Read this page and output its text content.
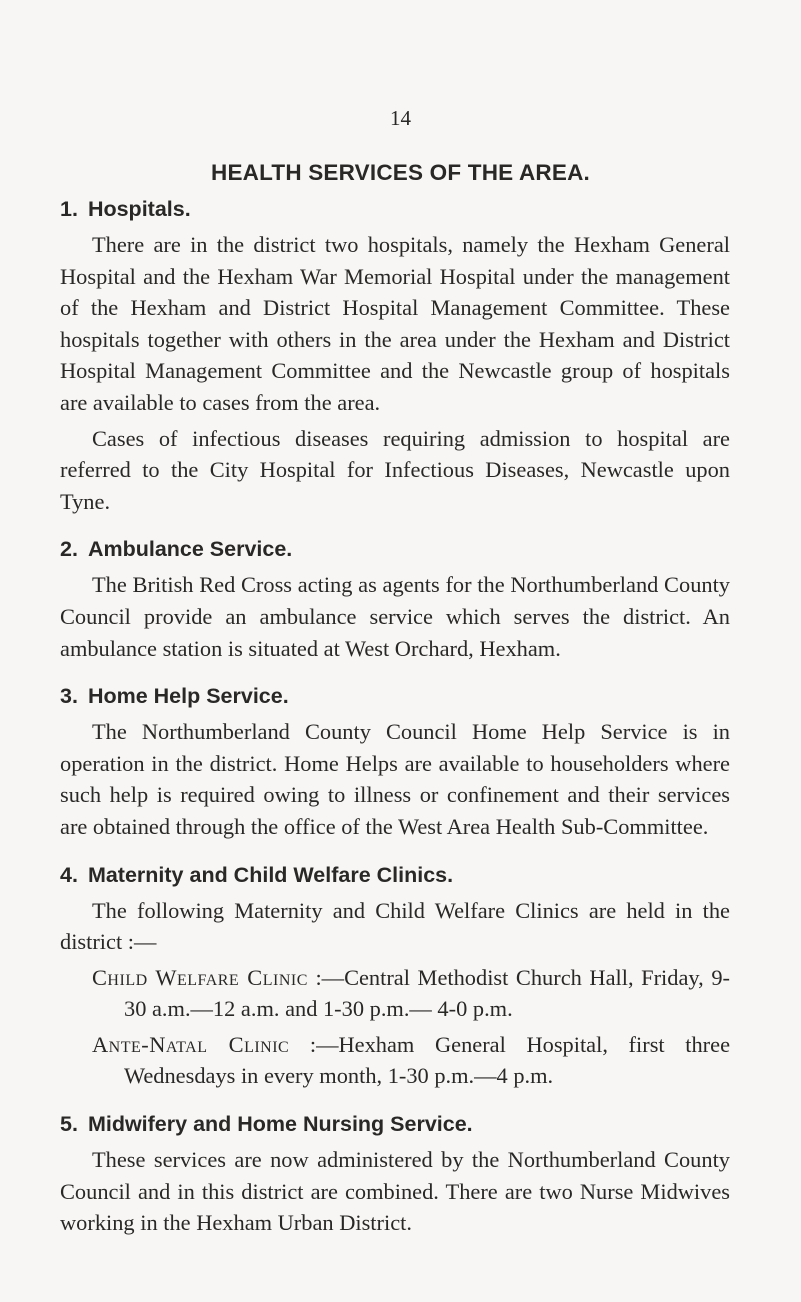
14
HEALTH SERVICES OF THE AREA.
1. Hospitals.

There are in the district two hospitals, namely the Hexham General Hospital and the Hexham War Memorial Hospital under the management of the Hexham and District Hospital Management Committee. These hospitals together with others in the area under the Hexham and District Hospital Management Committee and the Newcastle group of hospitals are available to cases from the area.

Cases of infectious diseases requiring admission to hospital are referred to the City Hospital for Infectious Diseases, Newcastle upon Tyne.

2. Ambulance Service.

The British Red Cross acting as agents for the Northumberland County Council provide an ambulance service which serves the district. An ambulance station is situated at West Orchard, Hexham.

3. Home Help Service.

The Northumberland County Council Home Help Service is in operation in the district. Home Helps are available to householders where such help is required owing to illness or confinement and their services are obtained through the office of the West Area Health Sub-Committee.

4. Maternity and Child Welfare Clinics.

The following Maternity and Child Welfare Clinics are held in the district :—

Child Welfare Clinic :—Central Methodist Church Hall, Friday, 9-30 a.m.—12 a.m. and 1-30 p.m.— 4-0 p.m.

Ante-Natal Clinic :—Hexham General Hospital, first three Wednesdays in every month, 1-30 p.m.—4 p.m.

5. Midwifery and Home Nursing Service.

These services are now administered by the Northumberland County Council and in this district are combined. There are two Nurse Midwives working in the Hexham Urban District.
